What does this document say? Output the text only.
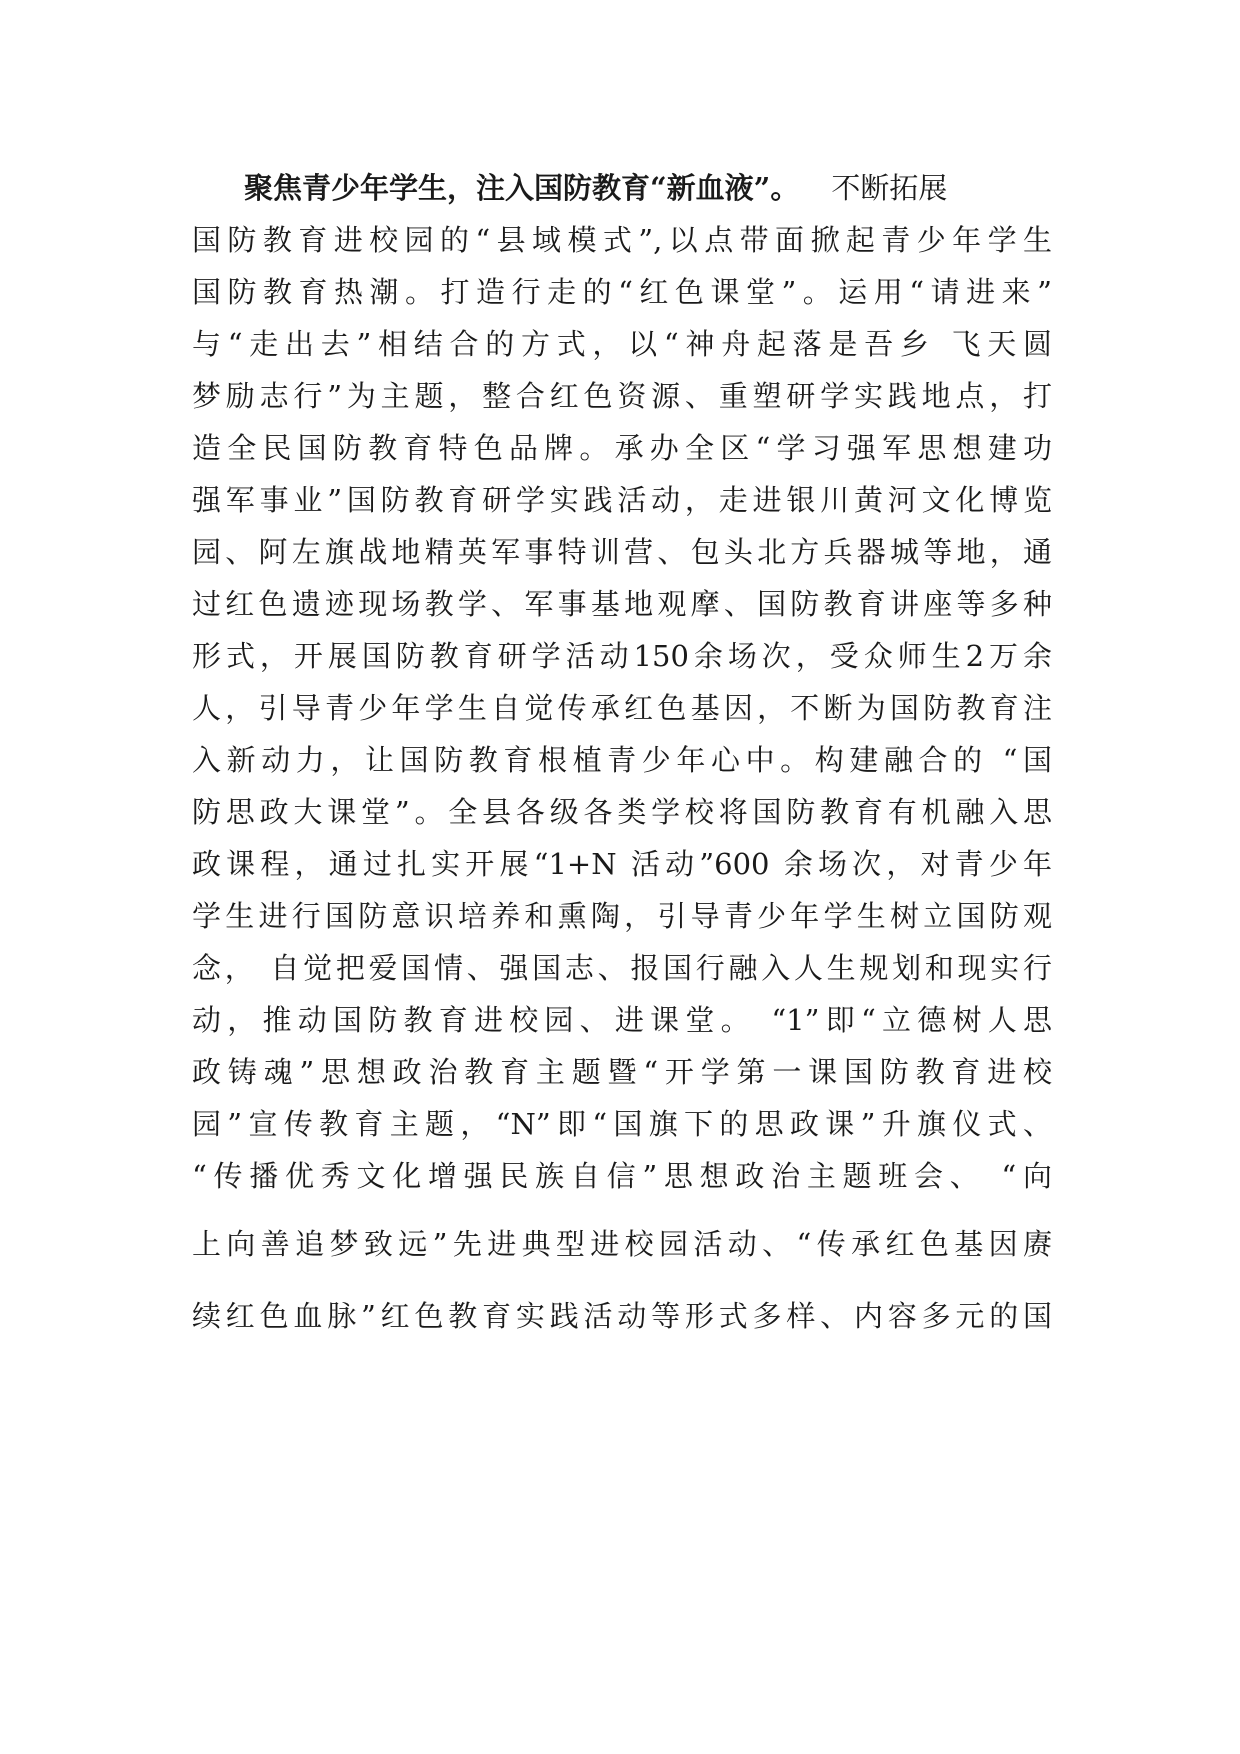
聚焦青少年学生，注入国防教育“新血液”。 不断拓展
国防教育进校园的“县域模式”,以点带面掀起青少年学生
国防教育热潮。打造行走的“红色课堂”。运用“请进来”
与“走出去”相结合的方式，以“神舟起落是吾乡 飞天圆
梦励志行”为主题，整合红色资源、重塑研学实践地点，打
造全民国防教育特色品牌。承办全区“学习强军思想建功
强军事业”国防教育研学实践活动，走进银川黄河文化博览
园、阿左旗战地精英军事特训营、包头北方兵器城等地，通
过红色遗迹现场教学、军事基地观摩、国防教育讲座等多种
形式，开展国防教育研学活动150余场次，受众师生2万余
人，引导青少年学生自觉传承红色基因，不断为国防教育注
入新动力，让国防教育根植青少年心中。构建融合的 “国
防思政大课堂”。全县各级各类学校将国防教育有机融入思
政课程，通过扎实开展“1+N 活动”600 余场次，对青少年
学生进行国防意识培养和熏陶，引导青少年学生树立国防观
念， 自觉把爱国情、强国志、报国行融入人生规划和现实行
动，推动国防教育进校园、进课堂。 “1”即“立德树人思
政铸魂”思想政治教育主题暨“开学第一课国防教育进校
园”宣传教育主题，“N”即“国旗下的思政课”升旗仪式、
“传播优秀文化增强民族自信”思想政治主题班会、 “向
上向善追梦致远”先进典型进校园活动、“传承红色基因赓
续红色血脉”红色教育实践活动等形式多样、内容多元的国
